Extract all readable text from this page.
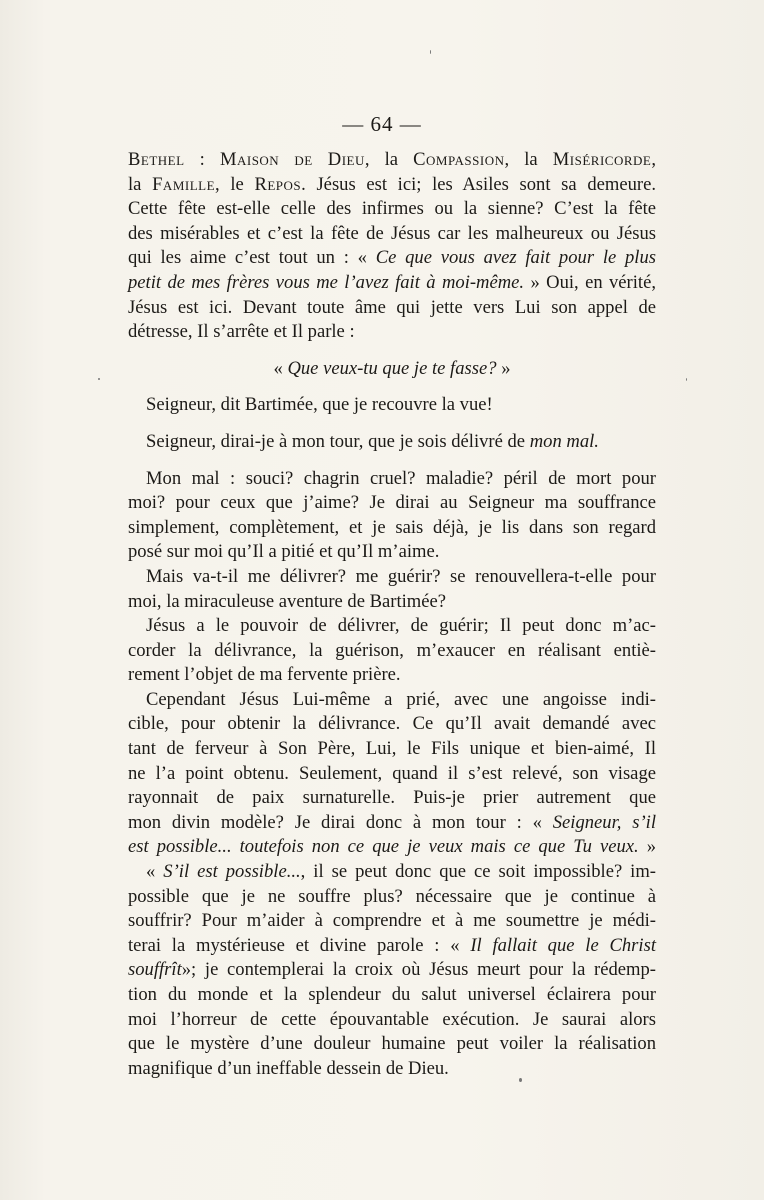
— 64 —
Bethel : Maison de Dieu, la Compassion, la Miséricorde,
la Famille, le Repos. Jésus est ici; les Asiles sont sa demeure.
Cette fête est-elle celle des infirmes ou la sienne? C’est la fête
des misérables et c’est la fête de Jésus car les malheureux ou Jésus
qui les aime c’est tout un : « Ce que vous avez fait pour le plus
petit de mes frères vous me l’avez fait à moi-même. » Oui, en vérité,
Jésus est ici. Devant toute âme qui jette vers Lui son appel de
détresse, Il s’arrête et Il parle :
« Que veux-tu que je te fasse? »
Seigneur, dit Bartimée, que je recouvre la vue!
Seigneur, dirai-je à mon tour, que je sois délivré de mon mal.
Mon mal : souci? chagrin cruel? maladie? péril de mort pour
moi? pour ceux que j’aime? Je dirai au Seigneur ma souffrance
simplement, complètement, et je sais déjà, je lis dans son regard
posé sur moi qu’Il a pitié et qu’Il m’aime.
Mais va-t-il me délivrer? me guérir? se renouvellera-t-elle pour
moi, la miraculeuse aventure de Bartimée?
Jésus a le pouvoir de délivrer, de guérir; Il peut donc m’ac-
corder la délivrance, la guérison, m’exaucer en réalisant entiè-
rement l’objet de ma fervente prière.
Cependant Jésus Lui-même a prié, avec une angoisse indi-
cible, pour obtenir la délivrance. Ce qu’Il avait demandé avec
tant de ferveur à Son Père, Lui, le Fils unique et bien-aimé, Il
ne l’a point obtenu. Seulement, quand il s’est relevé, son visage
rayonnait de paix surnaturelle. Puis-je prier autrement que
mon divin modèle? Je dirai donc à mon tour : « Seigneur, s’il
est possible... toutefois non ce que je veux mais ce que Tu veux. »
« S’il est possible..., il se peut donc que ce soit impossible? im-
possible que je ne souffre plus? nécessaire que je continue à
souffrir? Pour m’aider à comprendre et à me soumettre je médi-
terai la mystérieuse et divine parole : « Il fallait que le Christ
souffrît»; je contemplerai la croix où Jésus meurt pour la rédemp-
tion du monde et la splendeur du salut universel éclairera pour
moi l’horreur de cette épouvantable exécution. Je saurai alors
que le mystère d’une douleur humaine peut voiler la réalisation
magnifique d’un ineffable dessein de Dieu.
